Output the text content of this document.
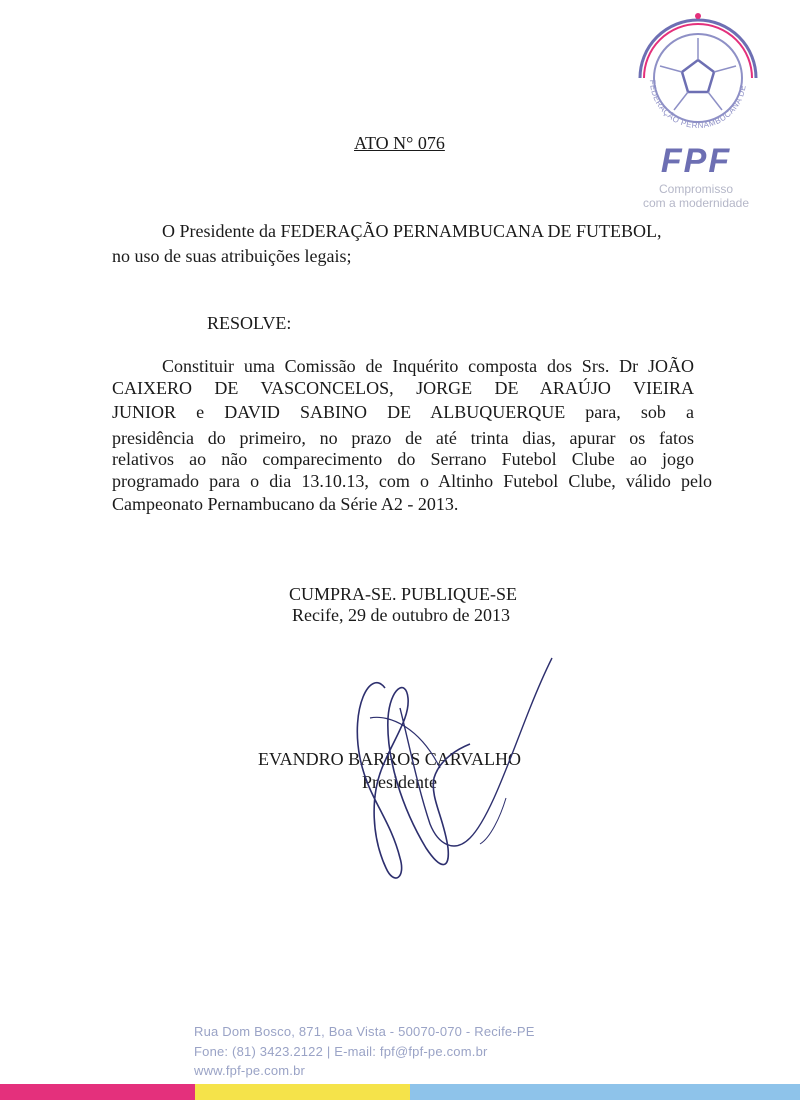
FEDERAÇÃO PERNAMBUCANA DE
FPF
Compromisso
com a modernidade
ATO N° 076
O Presidente da FEDERAÇÃO PERNAMBUCANA DE FUTEBOL,
no uso de suas atribuições legais;
RESOLVE:
Constituir uma Comissão de Inquérito composta dos Srs. Dr JOÃO
CAIXERO DE VASCONCELOS, JORGE DE ARAÚJO VIEIRA
JUNIOR e DAVID SABINO DE ALBUQUERQUE para, sob a
presidência do primeiro, no prazo de até trinta dias, apurar os fatos
relativos ao não comparecimento do Serrano Futebol Clube ao jogo
programado para o dia 13.10.13, com o Altinho Futebol Clube, válido pelo
Campeonato Pernambucano da Série A2 - 2013.
CUMPRA-SE. PUBLIQUE-SE
Recife, 29 de outubro de 2013
EVANDRO BARROS CARVALHO
Presidente
Rua Dom Bosco, 871, Boa Vista - 50070-070 - Recife-PE
Fone: (81) 3423.2122 | E-mail: fpf@fpf-pe.com.br
www.fpf-pe.com.br
